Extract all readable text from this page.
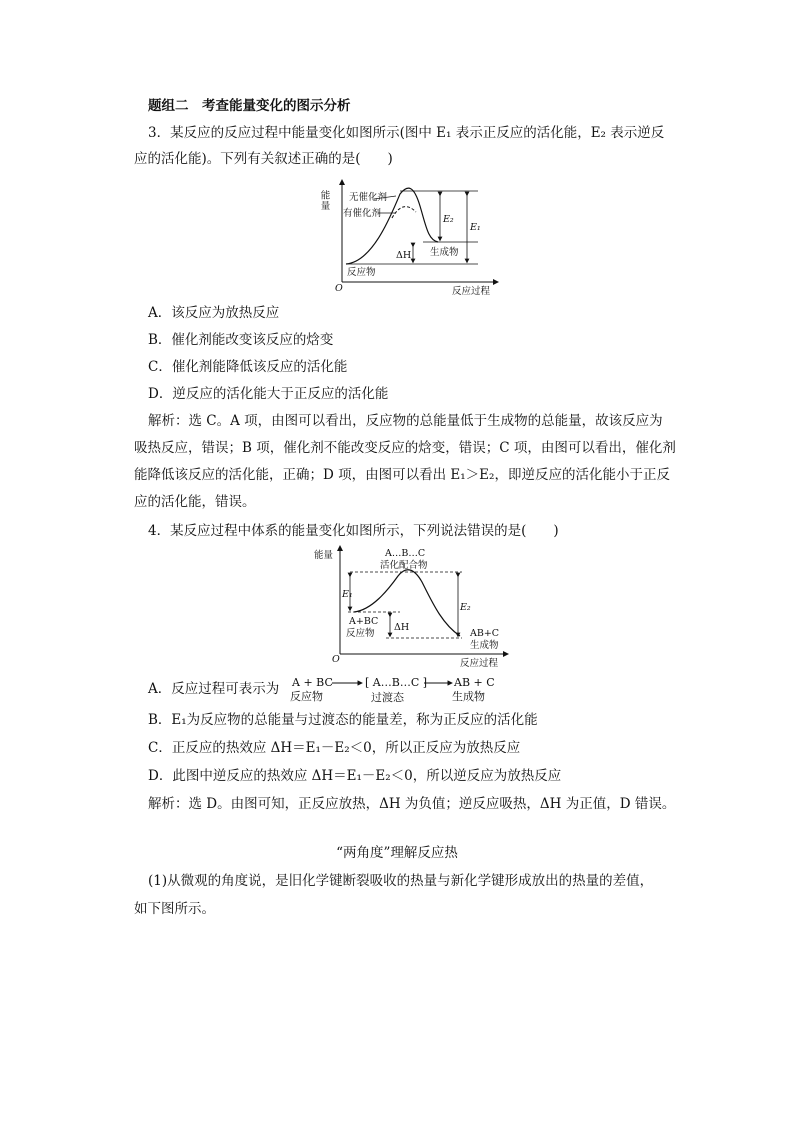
题组二　考查能量变化的图示分析
3．某反应的反应过程中能量变化如图所示(图中 E₁ 表示正反应的活化能，E₂ 表示逆反
应的活化能)。下列有关叙述正确的是(　　)
能量 无催化剂
有催化剂
E₂
E₁
生成物
ΔH
反应物
O	反应过程
A．该反应为放热反应
B．催化剂能改变该反应的焓变
C．催化剂能降低该反应的活化能
D．逆反应的活化能大于正反应的活化能
解析：选 C。A 项，由图可以看出，反应物的总能量低于生成物的总能量，故该反应为
吸热反应，错误；B 项，催化剂不能改变反应的焓变，错误；C 项，由图可以看出，催化剂
能降低该反应的活化能，正确；D 项，由图可以看出 E₁＞E₂，即逆反应的活化能小于正反
应的活化能，错误。
4．某反应过程中体系的能量变化如图所示，下列说法错误的是(　　)
能量	A…B…C
活化配合物
E₁
E₂
A+BC
反应物
ΔH
AB+C
生成物
O	反应过程
A．反应过程可表示为 A + BC
反应物
[ A…B…C ]
过渡态
AB + C
生成物
B．E₁为反应物的总能量与过渡态的能量差，称为正反应的活化能
C．正反应的热效应 ΔH＝E₁－E₂＜0，所以正反应为放热反应
D．此图中逆反应的热效应 ΔH＝E₁－E₂＜0，所以逆反应为放热反应
解析：选 D。由图可知，正反应放热，ΔH 为负值；逆反应吸热，ΔH 为正值，D 错误。
“两角度”理解反应热
(1)从微观的角度说，是旧化学键断裂吸收的热量与新化学键形成放出的热量的差值，
如下图所示。
